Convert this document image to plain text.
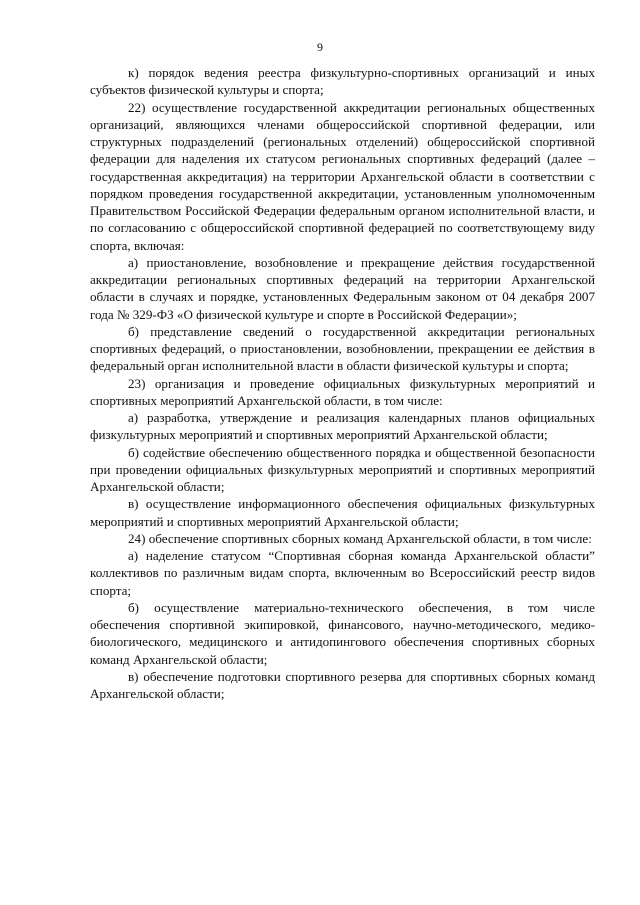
9

к) порядок ведения реестра физкультурно-спортивных организаций и иных субъектов физической культуры и спорта;

22) осуществление государственной аккредитации региональных общественных организаций, являющихся членами общероссийской спортивной федерации, или структурных подразделений (региональных отделений) общероссийской спортивной федерации для наделения их статусом региональных спортивных федераций (далее – государственная аккредитация) на территории Архангельской области в соответствии с порядком проведения государственной аккредитации, установленным уполномоченным Правительством Российской Федерации федеральным органом исполнительной власти, и по согласованию с общероссийской спортивной федерацией по соответствующему виду спорта, включая:

а) приостановление, возобновление и прекращение действия государственной аккредитации региональных спортивных федераций на территории Архангельской области в случаях и порядке, установленных Федеральным законом от 04 декабря 2007 года № 329-ФЗ «О физической культуре и спорте в Российской Федерации»;

б) представление сведений о государственной аккредитации региональных спортивных федераций, о приостановлении, возобновлении, прекращении ее действия в федеральный орган исполнительной власти в области физической культуры и спорта;

23) организация и проведение официальных физкультурных мероприятий и спортивных мероприятий Архангельской области, в том числе:

а) разработка, утверждение и реализация календарных планов официальных физкультурных мероприятий и спортивных мероприятий Архангельской области;

б) содействие обеспечению общественного порядка и общественной безопасности при проведении официальных физкультурных мероприятий и спортивных мероприятий Архангельской области;

в) осуществление информационного обеспечения официальных физкультурных мероприятий и спортивных мероприятий Архангельской области;

24) обеспечение спортивных сборных команд Архангельской области, в том числе:

а) наделение статусом “Спортивная сборная команда Архангельской области” коллективов по различным видам спорта, включенным во Всероссийский реестр видов спорта;

б) осуществление материально-технического обеспечения, в том числе обеспечения спортивной экипировкой, финансового, научно-методического, медико-биологического, медицинского и антидопингового обеспечения спортивных сборных команд Архангельской области;

в) обеспечение подготовки спортивного резерва для спортивных сборных команд Архангельской области;
